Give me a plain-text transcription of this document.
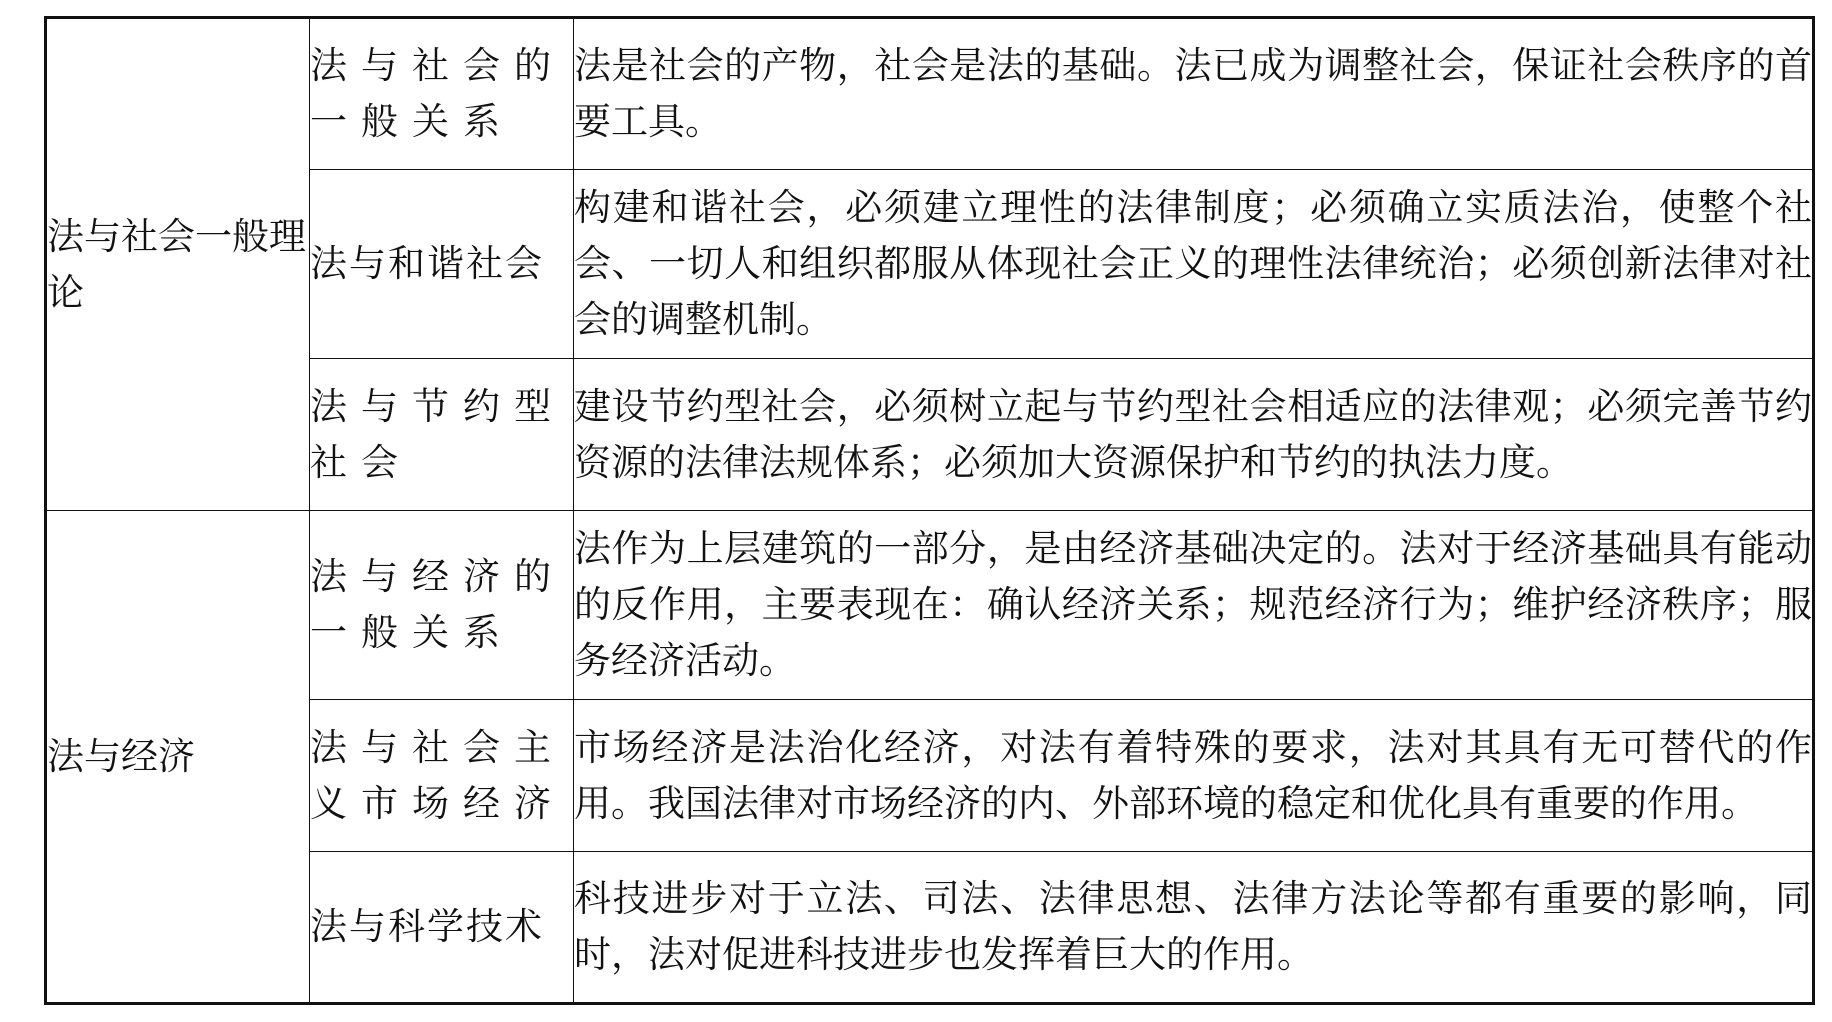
法与社会一般理论	法与社会的一般关系	法是社会的产物，社会是法的基础。法已成为调整社会，保证社会秩序的首要工具。
	法与和谐社会	构建和谐社会，必须建立理性的法律制度；必须确立实质法治，使整个社会、一切人和组织都服从体现社会正义的理性法律统治；必须创新法律对社会的调整机制。
	法与节约型社会	建设节约型社会，必须树立起与节约型社会相适应的法律观；必须完善节约资源的法律法规体系；必须加大资源保护和节约的执法力度。
法与经济	法与经济的一般关系	法作为上层建筑的一部分，是由经济基础决定的。法对于经济基础具有能动的反作用，主要表现在：确认经济关系；规范经济行为；维护经济秩序；服务经济活动。
	法与社会主义市场经济	市场经济是法治化经济，对法有着特殊的要求，法对其具有无可替代的作用。我国法律对市场经济的内、外部环境的稳定和优化具有重要的作用。
	法与科学技术	科技进步对于立法、司法、法律思想、法律方法论等都有重要的影响，同时，法对促进科技进步也发挥着巨大的作用。
